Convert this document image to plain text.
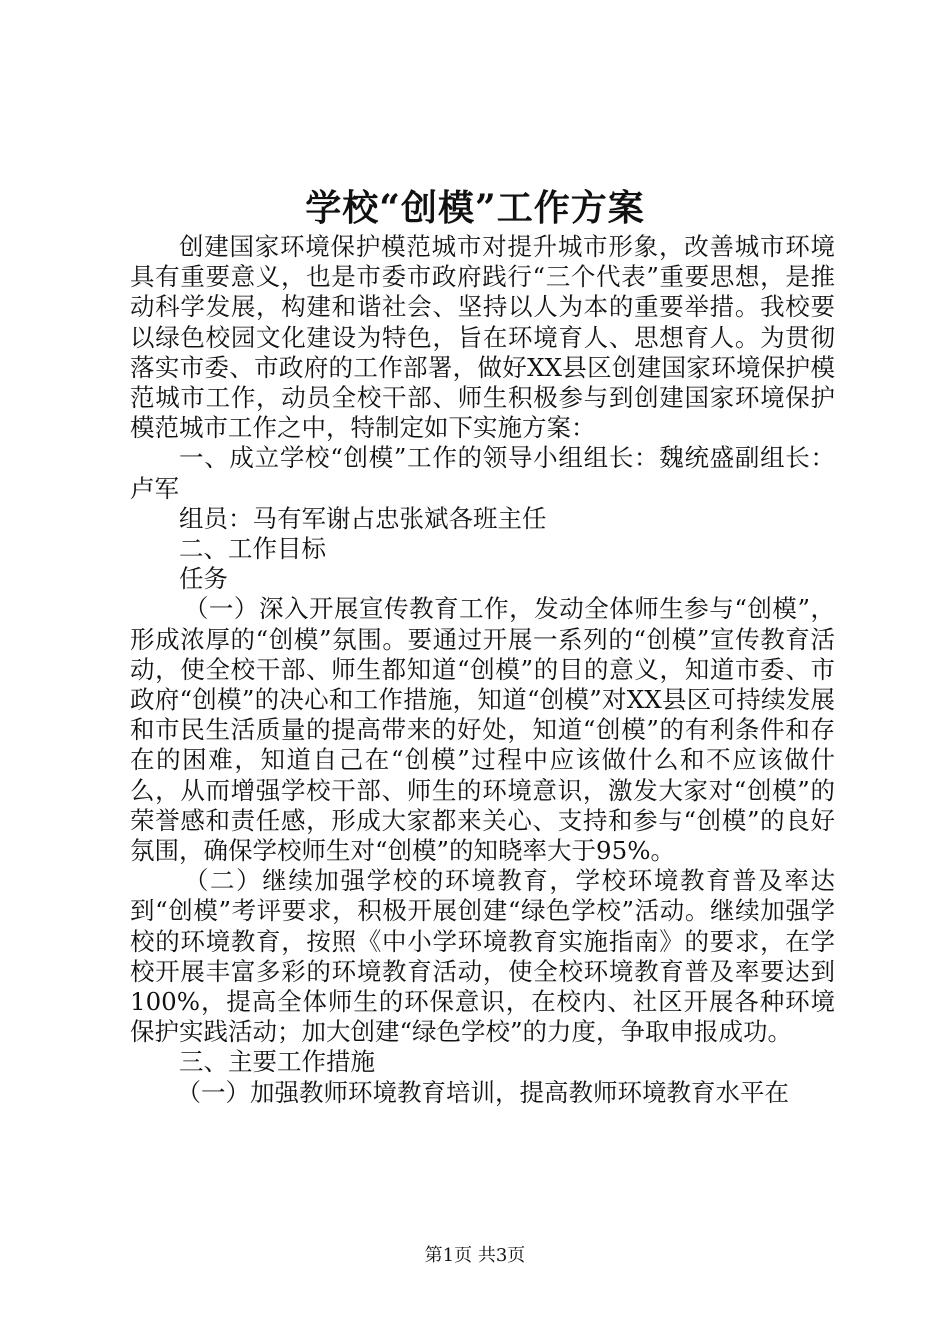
学校“创模”工作方案

创建国家环境保护模范城市对提升城市形象，改善城市环境具有重要意义，也是市委市政府践行“三个代表”重要思想，是推动科学发展，构建和谐社会、坚持以人为本的重要举措。我校要以绿色校园文化建设为特色，旨在环境育人、思想育人。为贯彻落实市委、市政府的工作部署，做好XX县区创建国家环境保护模范城市工作，动员全校干部、师生积极参与到创建国家环境保护模范城市工作之中，特制定如下实施方案：

一、成立学校“创模”工作的领导小组组长：魏统盛副组长：卢军

组员：马有军谢占忠张斌各班主任

二、工作目标

任务

（一）深入开展宣传教育工作，发动全体师生参与“创模”，形成浓厚的“创模”氛围。要通过开展一系列的“创模”宣传教育活动，使全校干部、师生都知道“创模”的目的意义，知道市委、市政府“创模”的决心和工作措施，知道“创模”对XX县区可持续发展和市民生活质量的提高带来的好处，知道“创模”的有利条件和存在的困难，知道自己在“创模”过程中应该做什么和不应该做什么，从而增强学校干部、师生的环境意识，激发大家对“创模”的荣誉感和责任感，形成大家都来关心、支持和参与“创模”的良好氛围，确保学校师生对“创模”的知晓率大于95%。

（二）继续加强学校的环境教育，学校环境教育普及率达到“创模”考评要求，积极开展创建“绿色学校”活动。继续加强学校的环境教育，按照《中小学环境教育实施指南》的要求，在学校开展丰富多彩的环境教育活动，使全校环境教育普及率要达到100%，提高全体师生的环保意识，在校内、社区开展各种环境保护实践活动；加大创建“绿色学校”的力度，争取申报成功。

三、主要工作措施

（一）加强教师环境教育培训，提高教师环境教育水平在

第1页 共3页
